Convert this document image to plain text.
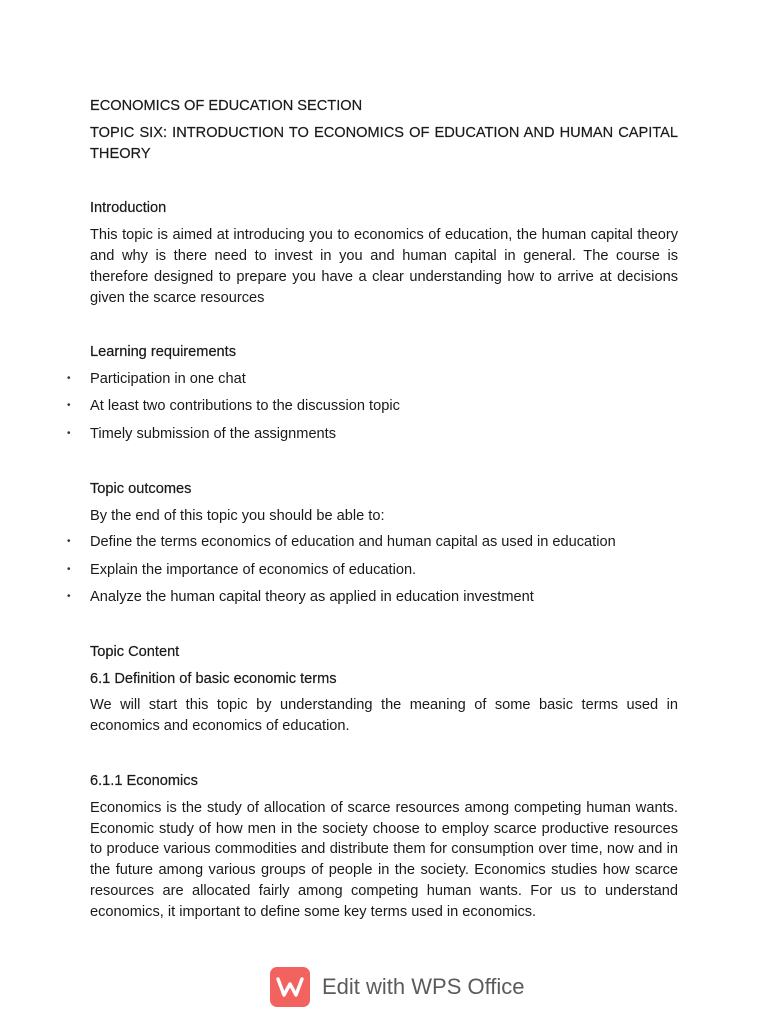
ECONOMICS OF EDUCATION SECTION
TOPIC SIX: INTRODUCTION TO ECONOMICS OF EDUCATION AND HUMAN CAPITAL THEORY
Introduction

This topic is aimed at introducing you to economics of education, the human capital theory and why is there need to invest in you and human capital in general. The course is therefore designed to prepare you have a clear understanding how to arrive at decisions given the scarce resources

Learning requirements
• Participation in one chat
• At least two contributions to the discussion topic
• Timely submission of the assignments
Topic outcomes

By the end of this topic you should be able to:

• Define the terms economics of education and human capital as used in education
• Explain the importance of economics of education.
• Analyze the human capital theory as applied in education investment
Topic Content
6.1 Definition of basic economic terms

We will start this topic by understanding the meaning of some basic terms used in economics and economics of education.

6.1.1 Economics

Economics is the study of allocation of scarce resources among competing human wants. Economic study of how men in the society choose to employ scarce productive resources to produce various commodities and distribute them for consumption over time, now and in the future among various groups of people in the society. Economics studies how scarce resources are allocated fairly among competing human wants. For us to understand economics, it important to define some key terms used in economics.

Edit with WPS Office
